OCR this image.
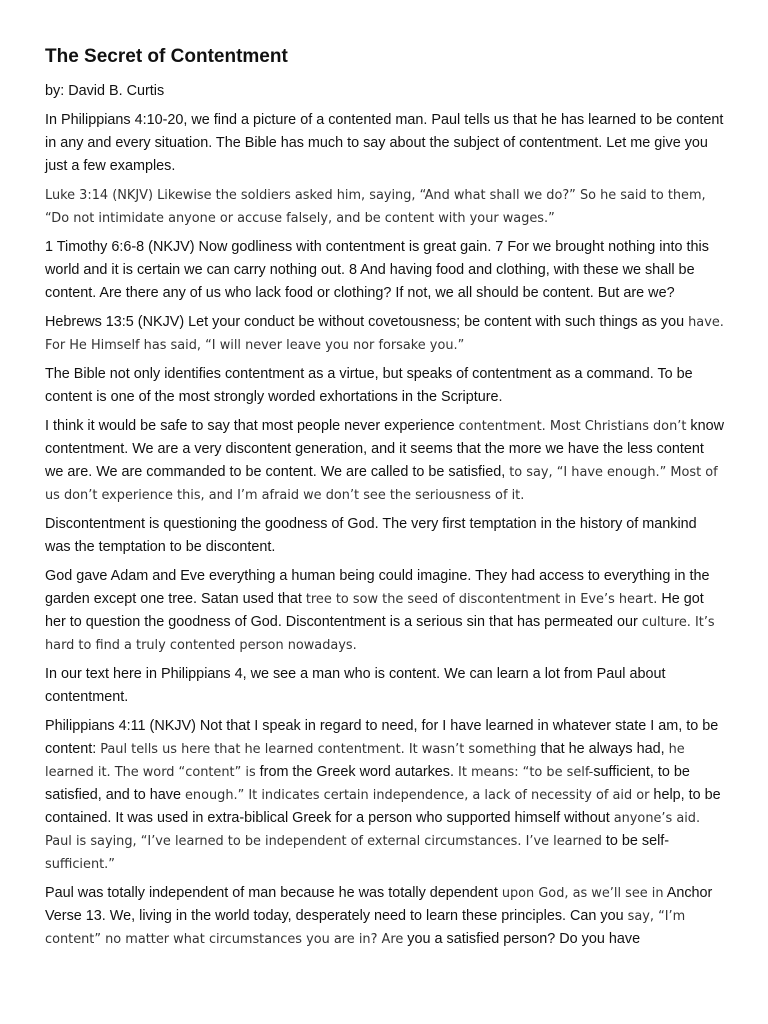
The Secret of Contentment

by: David B. Curtis

In Philippians 4:10-20, we find a picture of a contented man. Paul tells us that he has learned to be content in any and every situation. The Bible has much to say about the subject of contentment. Let me give you just a few examples.

Luke 3:14 (NKJV) Likewise the soldiers asked him, saying, “And what shall we do?” So he said to them, “Do not intimidate anyone or accuse falsely, and be content with your wages.”

1 Timothy 6:6-8 (NKJV) Now godliness with contentment is great gain. 7 For we brought nothing into this world and it is certain we can carry nothing out. 8 And having food and clothing, with these we shall be content. Are there any of us who lack food or clothing? If not, we all should be content. But are we?

Hebrews 13:5 (NKJV) Let your conduct be without covetousness; be content with such things as you have. For He Himself has said, “I will never leave you nor forsake you.”

The Bible not only identifies contentment as a virtue, but speaks of contentment as a command. To be content is one of the most strongly worded exhortations in the Scripture.

I think it would be safe to say that most people never experience contentment. Most Christians don’t know contentment. We are a very discontent generation, and it seems that the more we have the less content we are. We are commanded to be content. We are called to be satisfied, to say, “I have enough.” Most of us don’t experience this, and I’m afraid we don’t see the seriousness of it.

Discontentment is questioning the goodness of God. The very first temptation in the history of mankind was the temptation to be discontent.

God gave Adam and Eve everything a human being could imagine. They had access to everything in the garden except one tree. Satan used that tree to sow the seed of discontentment in Eve’s heart. He got her to question the goodness of God. Discontentment is a serious sin that has permeated our culture. It’s hard to find a truly contented person nowadays.

In our text here in Philippians 4, we see a man who is content. We can learn a lot from Paul about contentment.

Philippians 4:11 (NKJV) Not that I speak in regard to need, for I have learned in whatever state I am, to be content: Paul tells us here that he learned contentment. It wasn’t something that he always had, he learned it. The word “content” is from the Greek word autarkes. It means: “to be self-sufficient, to be satisfied, and to have enough.” It indicates certain independence, a lack of necessity of aid or help, to be contained. It was used in extra-biblical Greek for a person who supported himself without anyone’s aid. Paul is saying, “I’ve learned to be independent of external circumstances. I’ve learned to be self-sufficient.”

Paul was totally independent of man because he was totally dependent upon God, as we’ll see in Anchor Verse 13. We, living in the world today, desperately need to learn these principles. Can you say, “I’m content” no matter what circumstances you are in? Are you a satisfied person? Do you have
